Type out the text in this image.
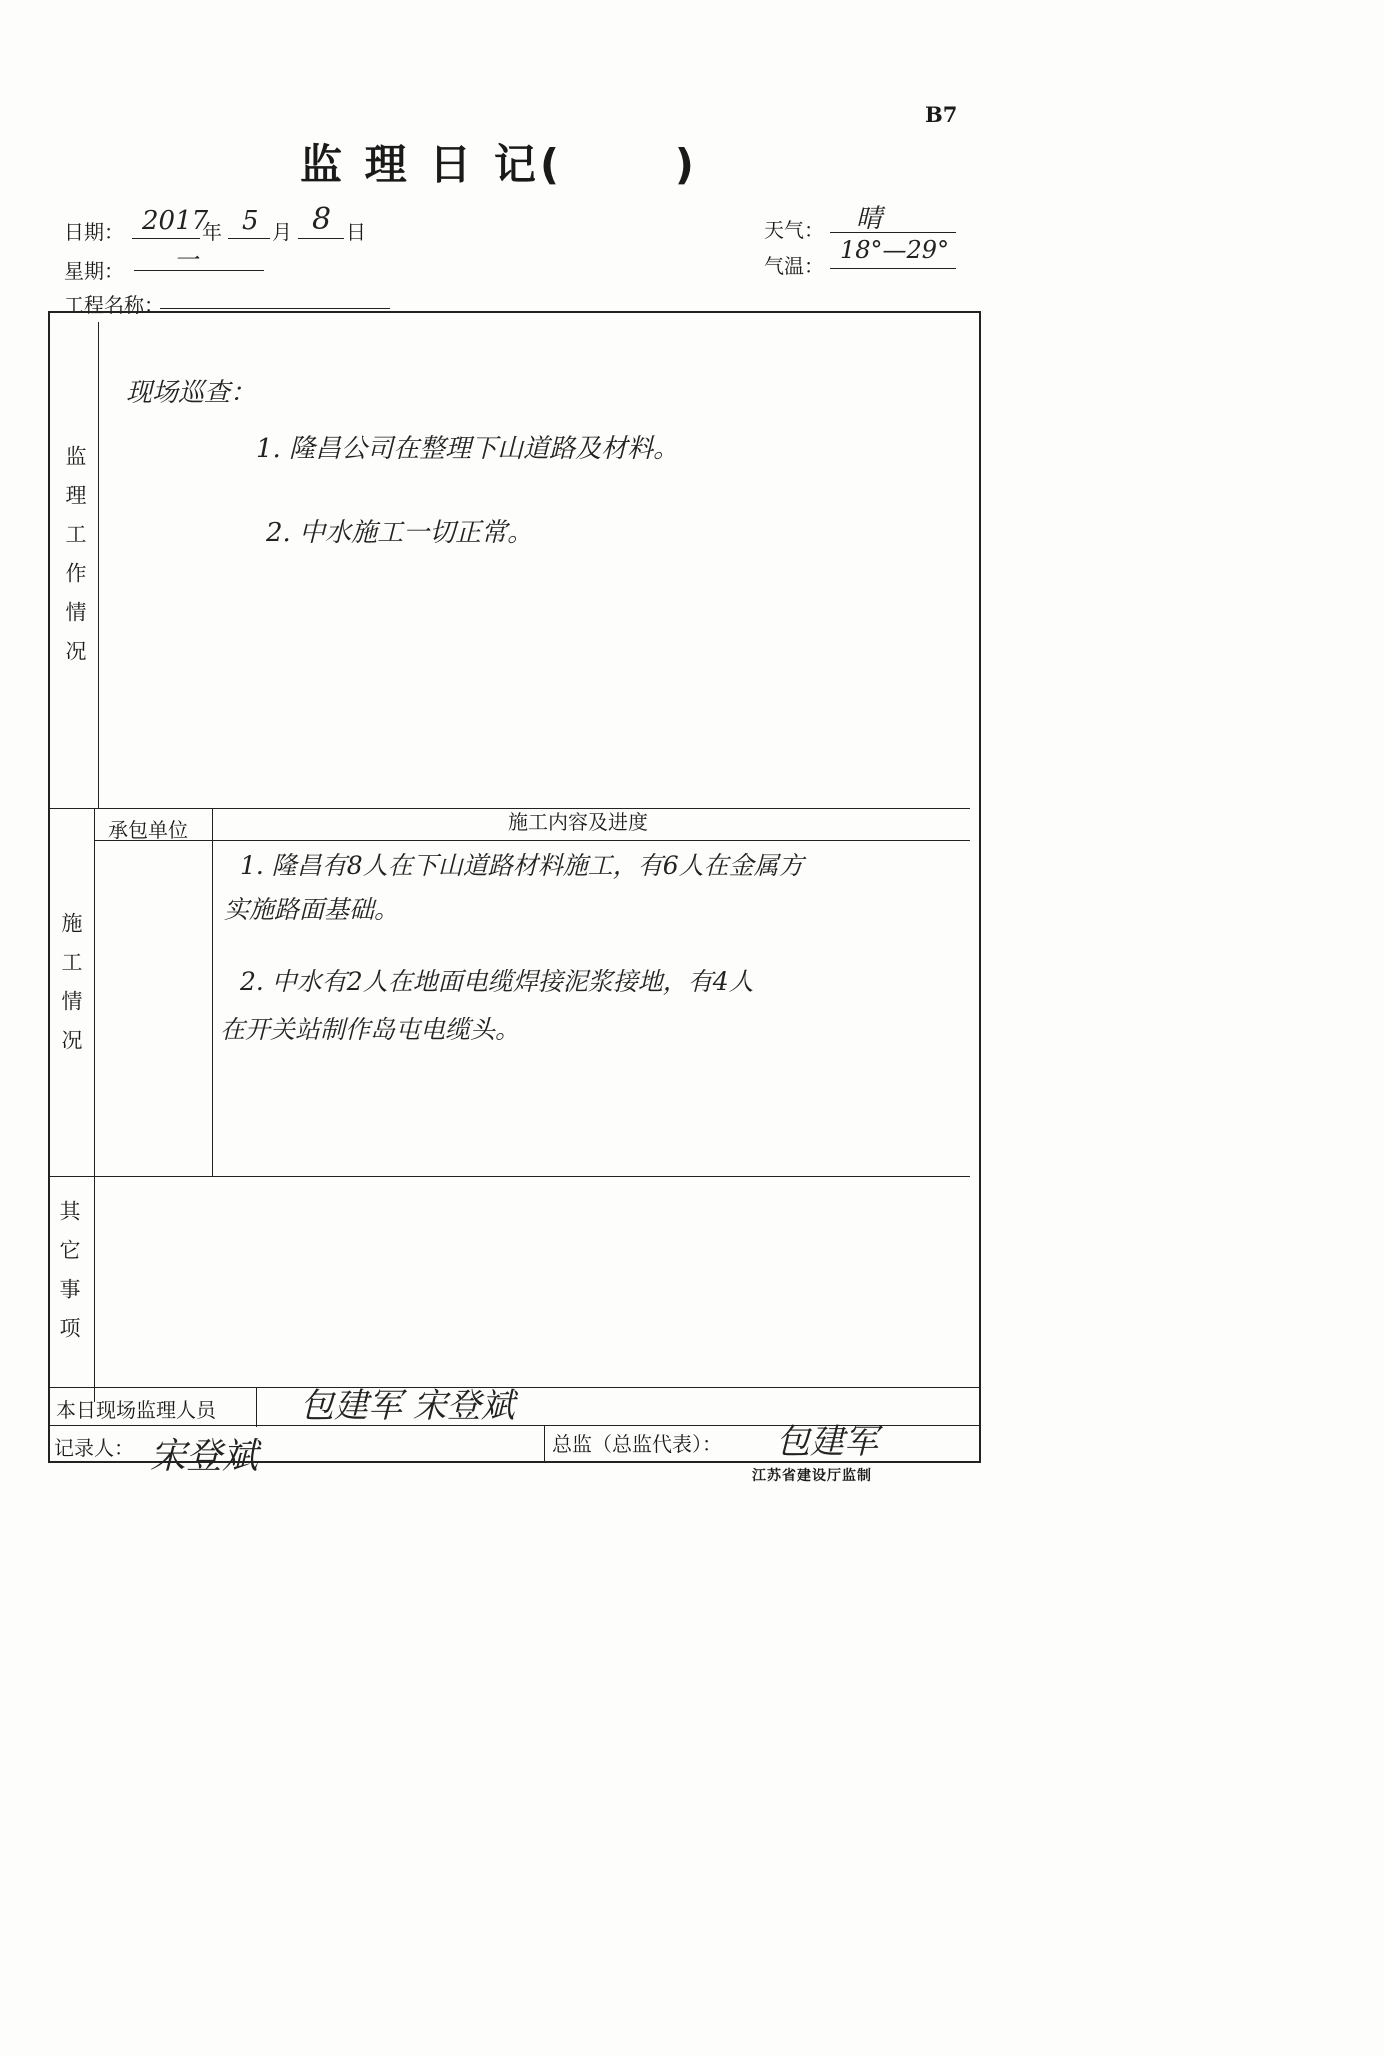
B7
监 理 日 记(      )
日期： 2017
年 5 月 8 日
星期： 一
工程名称：
天气： 晴
气温：
18°—29°
监理工作情况
施工情况
其它事项
现场巡查：
1. 隆昌公司在整理下山道路及材料。
2. 中水施工一切正常。
承包单位	施工内容及进度
1. 隆昌有8人在下山道路材料施工，有6人在金属方
实施路面基础。
2. 中水有2人在地面电缆焊接泥浆接地，有4人
在开关站制作岛屯电缆头。
本日现场监理人员 包建军 宋登斌
记录人： 宋登斌	总监（总监代表）： 包建军
江苏省建设厅监制
